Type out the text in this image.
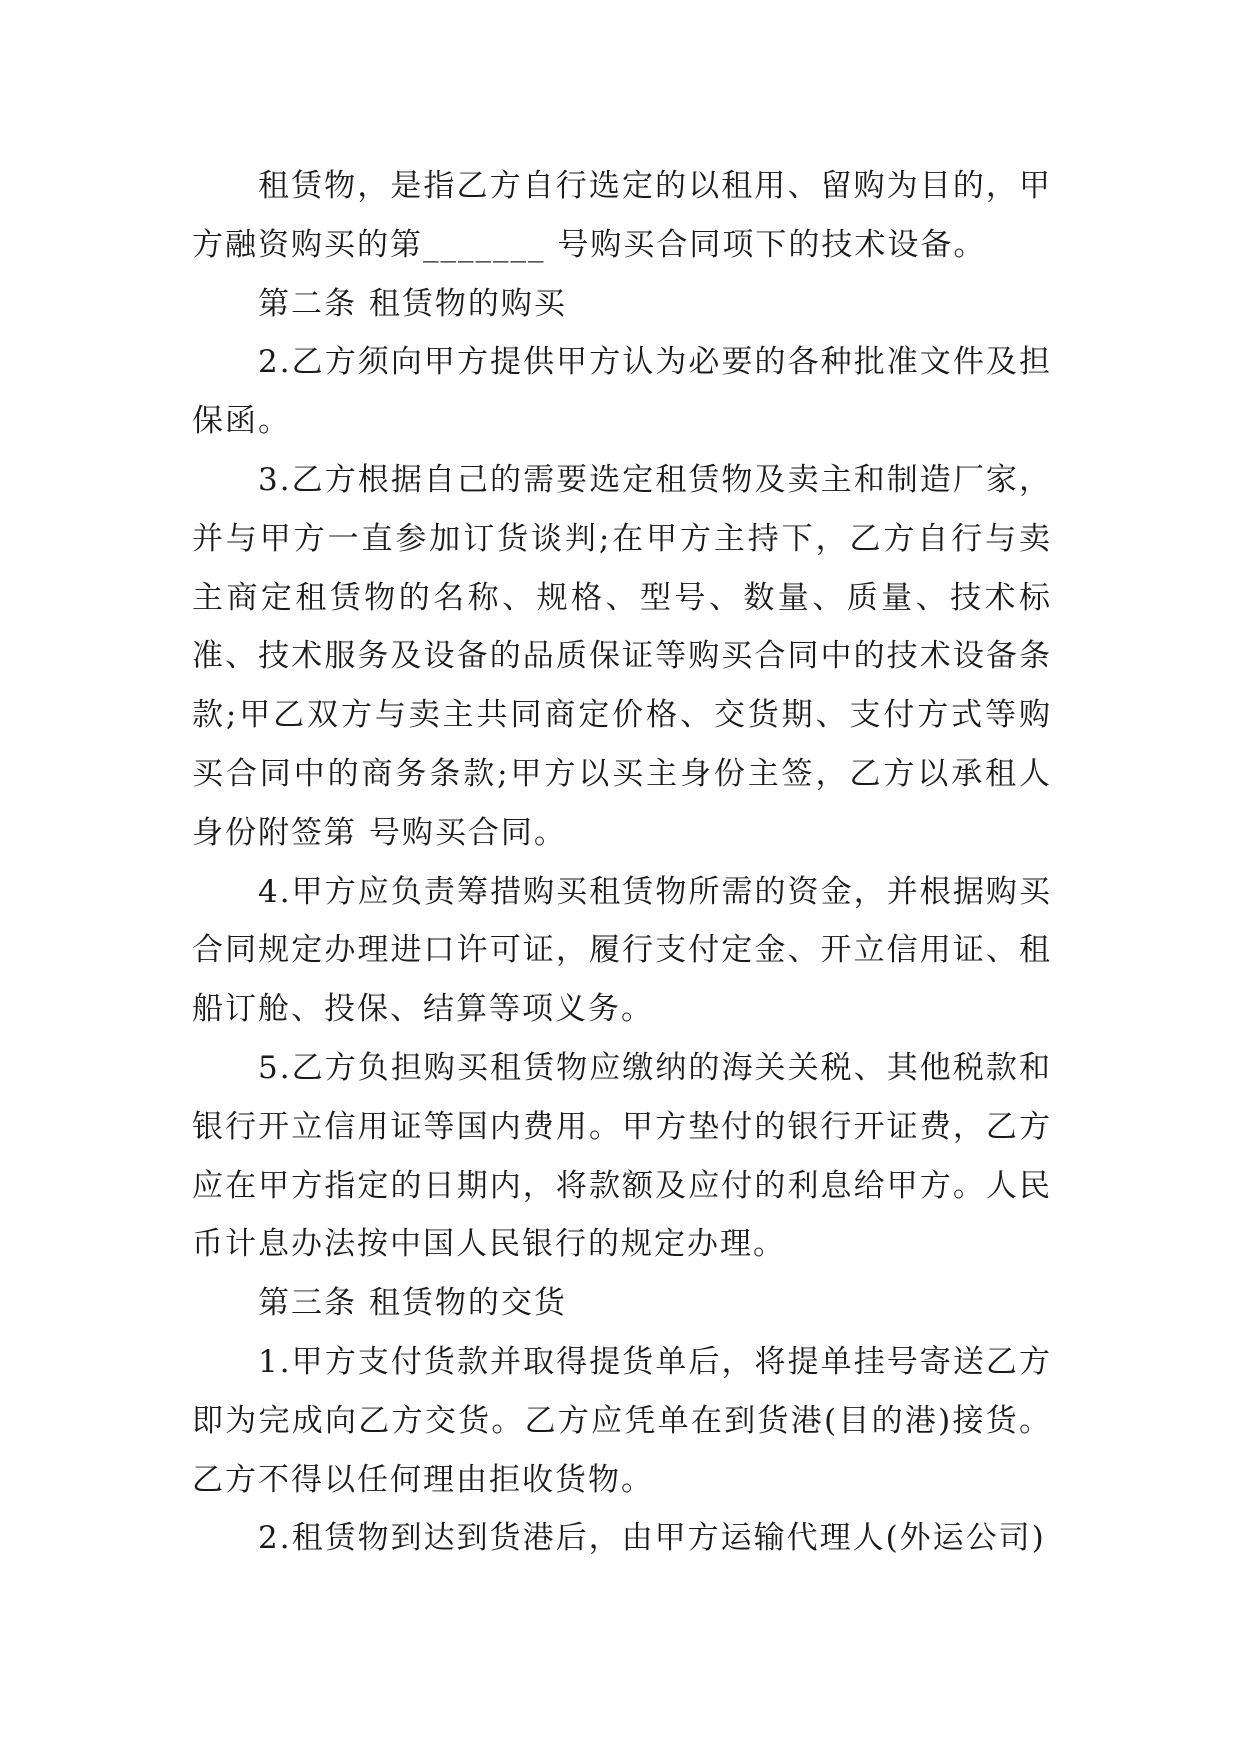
租赁物，是指乙方自行选定的以租用、留购为目的，甲方融资购买的第_______ 号购买合同项下的技术设备。

第二条 租赁物的购买

2.乙方须向甲方提供甲方认为必要的各种批准文件及担保函。

3.乙方根据自己的需要选定租赁物及卖主和制造厂家，并与甲方一直参加订货谈判;在甲方主持下，乙方自行与卖主商定租赁物的名称、规格、型号、数量、质量、技术标准、技术服务及设备的品质保证等购买合同中的技术设备条款;甲乙双方与卖主共同商定价格、交货期、支付方式等购买合同中的商务条款;甲方以买主身份主签，乙方以承租人身份附签第 号购买合同。

4.甲方应负责筹措购买租赁物所需的资金，并根据购买合同规定办理进口许可证，履行支付定金、开立信用证、租船订舱、投保、结算等项义务。

5.乙方负担购买租赁物应缴纳的海关关税、其他税款和银行开立信用证等国内费用。甲方垫付的银行开证费，乙方应在甲方指定的日期内，将款额及应付的利息给甲方。人民币计息办法按中国人民银行的规定办理。

第三条 租赁物的交货

1.甲方支付货款并取得提货单后，将提单挂号寄送乙方即为完成向乙方交货。乙方应凭单在到货港(目的港)接货。乙方不得以任何理由拒收货物。

2.租赁物到达到货港后，由甲方运输代理人(外运公司)
